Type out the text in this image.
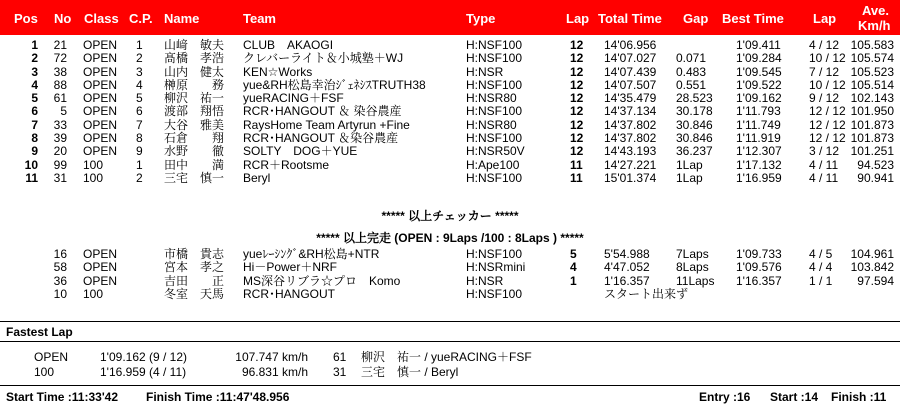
Pos No Class C.P. Name	Team	Type	Lap Total Time Gap Best Time Lap
Ave.
Km/h
1 21 OPEN 1 山﨑　敏夫 CLUB　AKAOGI	H:NSF100	12 14'06.956	1'09.411 4 / 12 105.583
2 72 OPEN 2 髙橋　孝浩 クレバーライト＆小城塾＋WJ	H:NSF100	12 14'07.027 0.071 1'09.284 10 / 12 105.574
3 38 OPEN 3 山内　健太 KEN☆Works	H:NSR	12 14'07.439 0.483 1'09.545 7 / 12 105.523
4 88 OPEN 4 榊原　　務 yue&RH松島幸治ｼﾞｪﾈｼｽTRUTH38	H:NSF100	12 14'07.507 0.551 1'09.522 10 / 12 105.514
5 61 OPEN 5 柳沢　祐一 yueRACING＋FSF	H:NSR80	12 14'35.479 28.523 1'09.162 9 / 12 102.143
6 5 OPEN 6 渡部　翔悟 RCR･HANGOUT ＆ 染谷農産	H:NSF100	12 14'37.134 30.178 1'11.793 12 / 12 101.950
7 33 OPEN 7 大谷　雅美 RaysHome Team Artyrun +Fine	H:NSR80	12 14'37.802 30.846 1'11.749 12 / 12 101.873
8 39 OPEN 8 石倉　　翔 RCR･HANGOUT ＆染谷農産	H:NSF100	12 14'37.802 30.846 1'11.919 12 / 12 101.873
9 20 OPEN 9 水野　　徹 SOLTY　DOG＋YUE	H:NSR50V	12 14'43.193 36.237 1'12.307 3 / 12 101.251
10 99 100	1 田中　　満 RCR＋Rootsme	H:Ape100	11 14'27.221 1Lap	1'17.132 4 / 11 94.523
11 31 100	2 三宅　慎一 Beryl	H:NSF100	11 15'01.374 1Lap	1'16.959 4 / 11 90.941
***** 以上チェッカー *****
***** 以上完走 (OPEN : 9Laps /100 : 8Laps ) *****
16 OPEN	市橋　貴志 yueﾚｰｼﾝｸﾞ&RH松島+NTR	H:NSF100	5 5'54.988 7Laps 1'09.733 4 / 5 104.961
58 OPEN	宮本　孝之 Hi－Power＋NRF	H:NSRmini	4 4'47.052 8Laps 1'09.576 4 / 4 103.842
36 OPEN	吉田　　正 MS深谷リブラ☆プロ　Komo	H:NSR	1 1'16.357 11Laps 1'16.357 1 / 1 97.594
10 100	冬室　天馬 RCR･HANGOUT	H:NSF100	スタート出来ず
Fastest Lap
OPEN	1'09.162 (9 / 12)	107.747 km/h 61 柳沢　祐一 / yueRACING＋FSF
100	1'16.959 (4 / 11)	96.831 km/h 31 三宅　慎一 / Beryl
Start Time :11:33'42 Finish Time :11:47'48.956	Entry :16 Start :14 Finish :11
